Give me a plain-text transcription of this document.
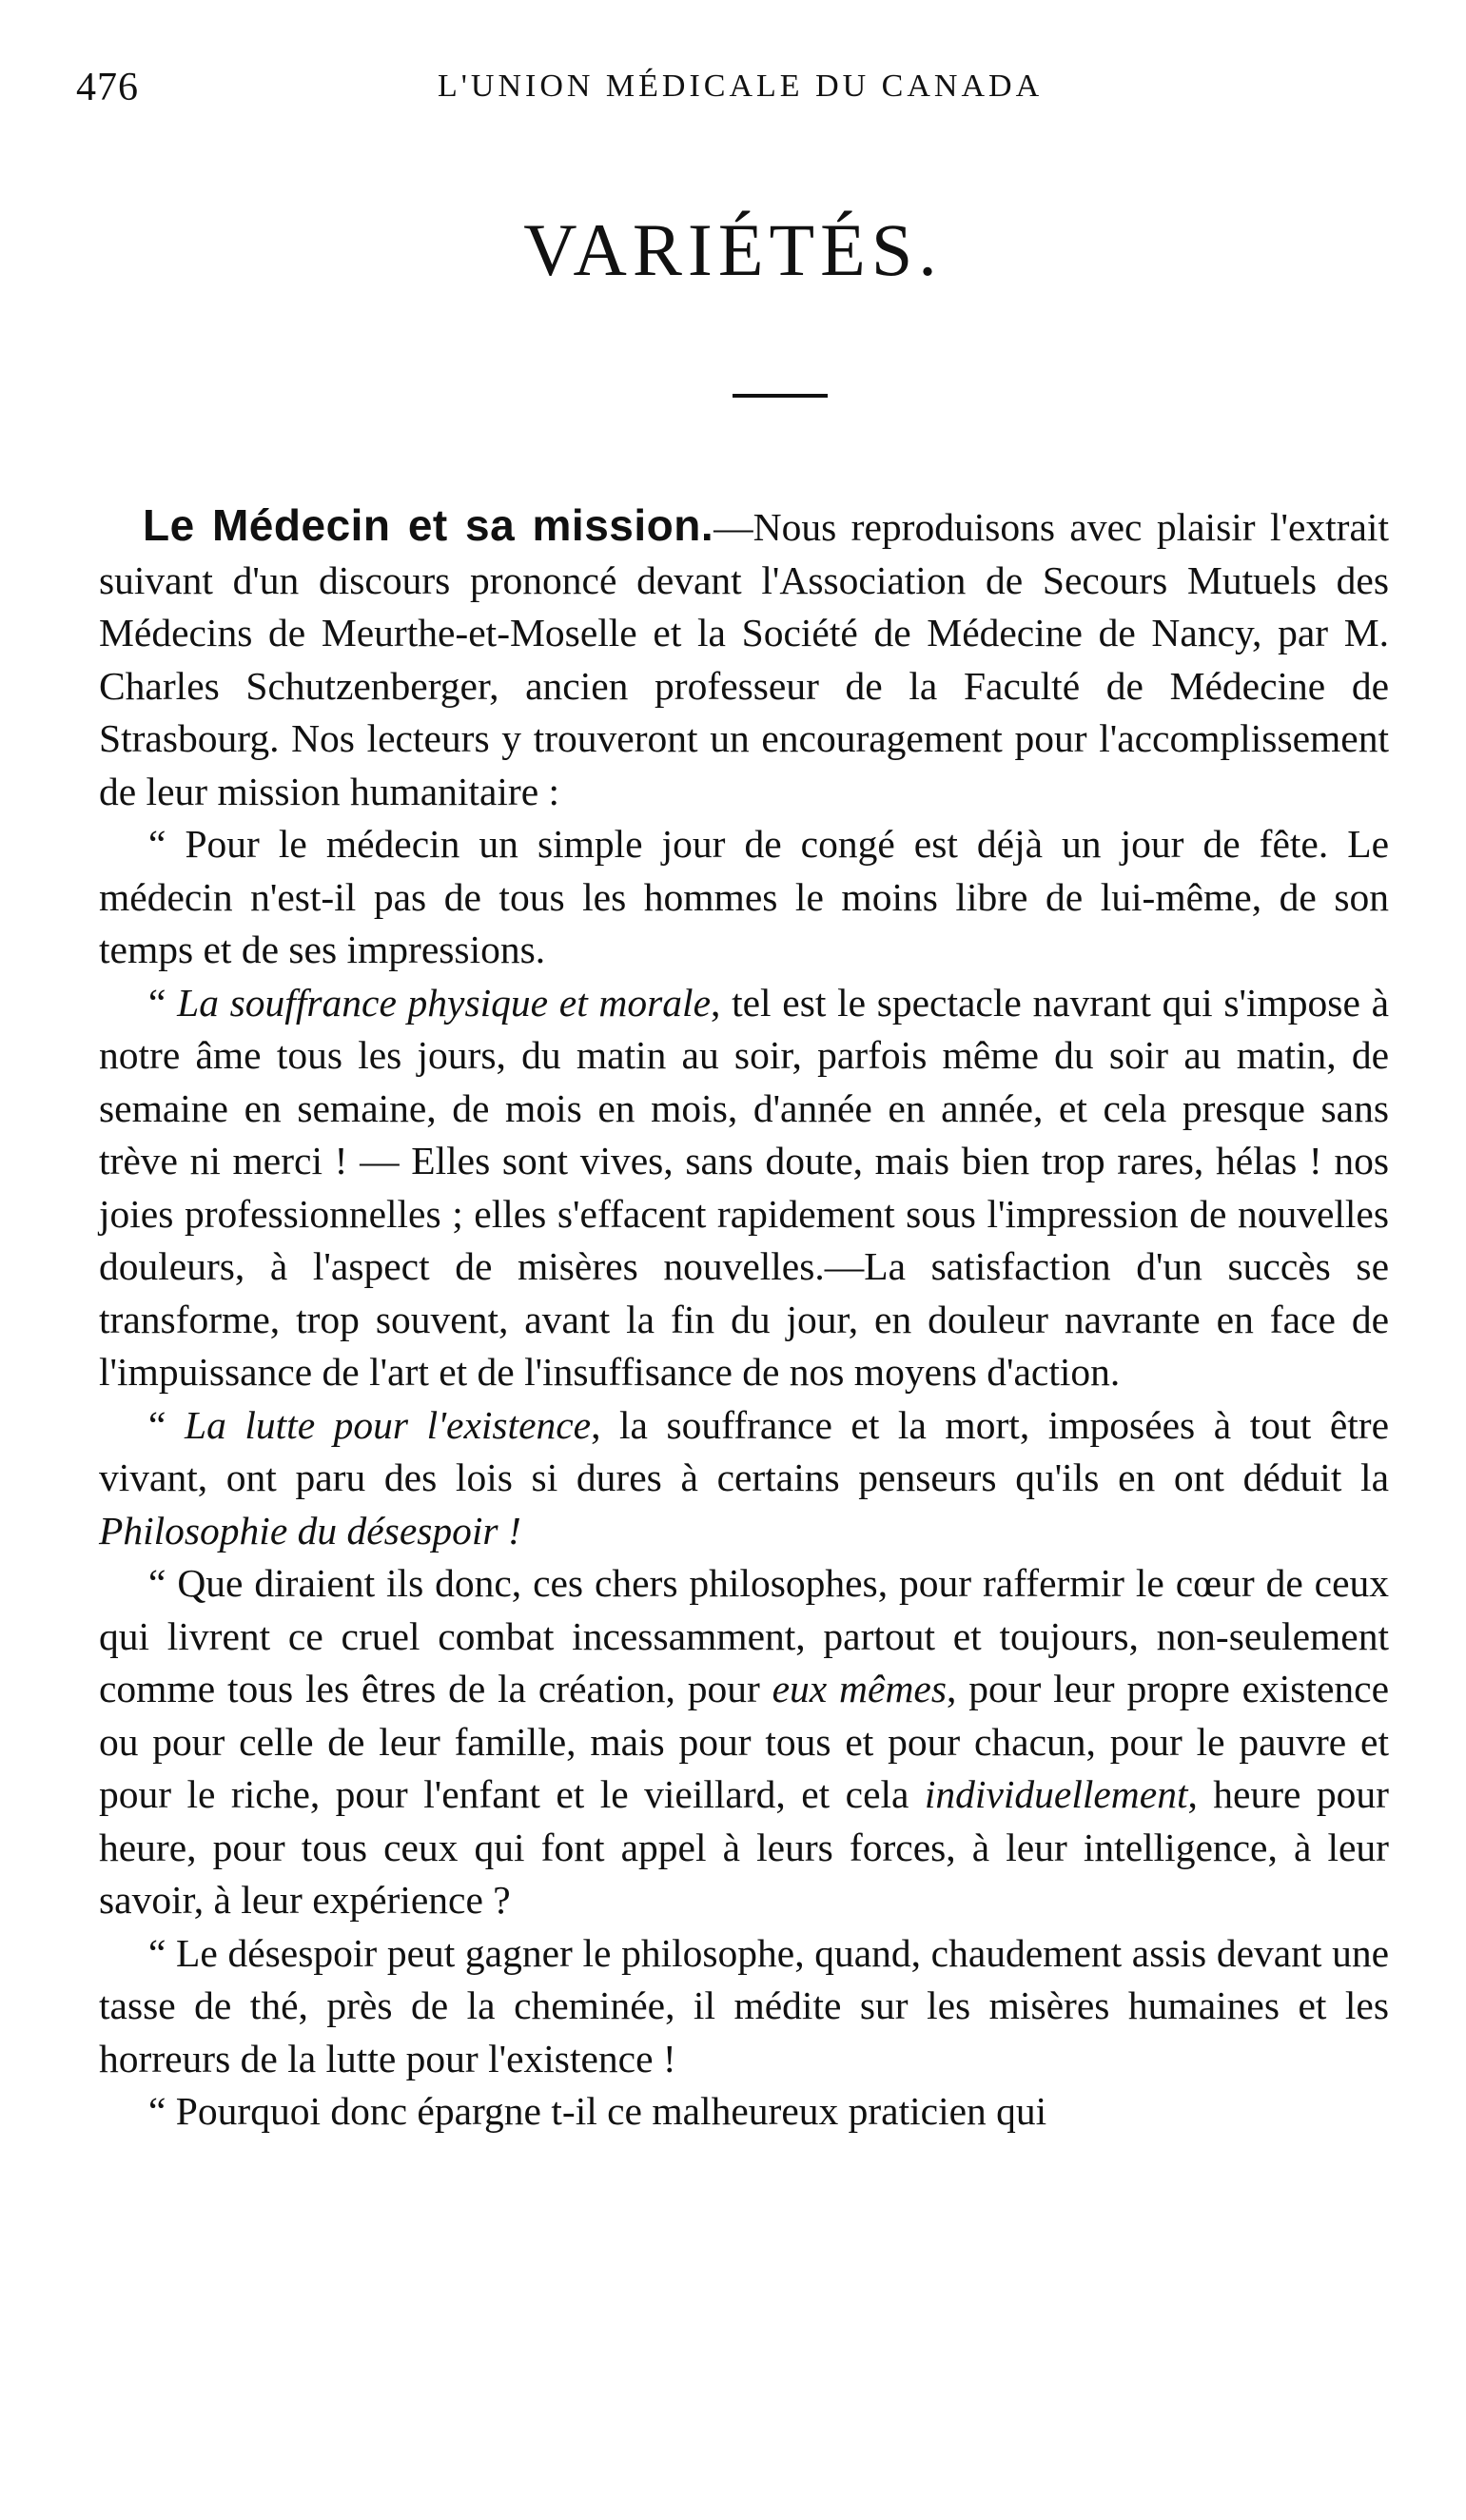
476	L'UNION MÉDICALE DU CANADA
VARIÉTÉS.

Le Médecin et sa mission.—Nous reproduisons avec plaisir l'extrait suivant d'un discours prononcé devant l'Association de Secours Mutuels des Médecins de Meurthe-et-Moselle et la Société de Médecine de Nancy, par M. Charles Schutzenberger, ancien professeur de la Faculté de Médecine de Strasbourg. Nos lecteurs y trouveront un encouragement pour l'accomplissement de leur mission humanitaire :

“ Pour le médecin un simple jour de congé est déjà un jour de fête. Le médecin n'est-il pas de tous les hommes le moins libre de lui-même, de son temps et de ses impressions.

“ La souffrance physique et morale, tel est le spectacle navrant qui s'impose à notre âme tous les jours, du matin au soir, parfois même du soir au matin, de semaine en semaine, de mois en mois, d'année en année, et cela presque sans trève ni merci ! — Elles sont vives, sans doute, mais bien trop rares, hélas ! nos joies professionnelles ; elles s'effacent rapidement sous l'impression de nouvelles douleurs, à l'aspect de misères nouvelles.—La satisfaction d'un succès se transforme, trop souvent, avant la fin du jour, en douleur navrante en face de l'impuissance de l'art et de l'insuffisance de nos moyens d'action.

“ La lutte pour l'existence, la souffrance et la mort, imposées à tout être vivant, ont paru des lois si dures à certains penseurs qu'ils en ont déduit la Philosophie du désespoir !

“ Que diraient ils donc, ces chers philosophes, pour raffermir le cœur de ceux qui livrent ce cruel combat incessamment, partout et toujours, non-seulement comme tous les êtres de la création, pour eux mêmes, pour leur propre existence ou pour celle de leur famille, mais pour tous et pour chacun, pour le pauvre et pour le riche, pour l'enfant et le vieillard, et cela individuellement, heure pour heure, pour tous ceux qui font appel à leurs forces, à leur intelligence, à leur savoir, à leur expérience ?

“ Le désespoir peut gagner le philosophe, quand, chaudement assis devant une tasse de thé, près de la cheminée, il médite sur les misères humaines et les horreurs de la lutte pour l'existence !

“ Pourquoi donc épargne t-il ce malheureux praticien qui
